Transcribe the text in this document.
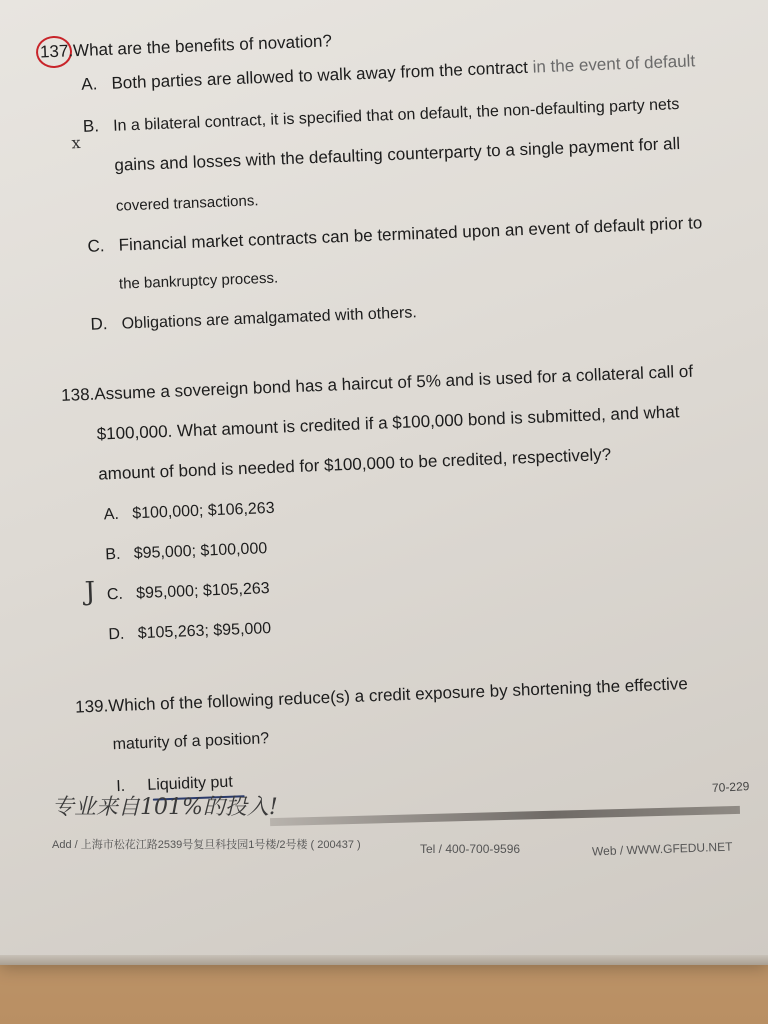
137.What are the benefits of novation?
A. Both parties are allowed to walk away from the contract in the event of default
B. In a bilateral contract, it is specified that on default, the non-defaulting party nets
x gains and losses with the defaulting counterparty to a single payment for all
covered transactions.
C. Financial market contracts can be terminated upon an event of default prior to
the bankruptcy process.
D. Obligations are amalgamated with others.
138.Assume a sovereign bond has a haircut of 5% and is used for a collateral call of
$100,000. What amount is credited if a $100,000 bond is submitted, and what
amount of bond is needed for $100,000 to be credited, respectively?
A. $100,000; $106,263
B. $95,000; $100,000
J C. $95,000; $105,263
D. $105,263; $95,000
139.Which of the following reduce(s) a credit exposure by shortening the effective
maturity of a position?
I. Liquidity put	70-229
专业来自101%的投入!
Add / 上海市松花江路2539号复旦科技园1号楼/2号楼 ( 200437 )	Tel / 400-700-9596	Web / WWW.GFEDU.NET
